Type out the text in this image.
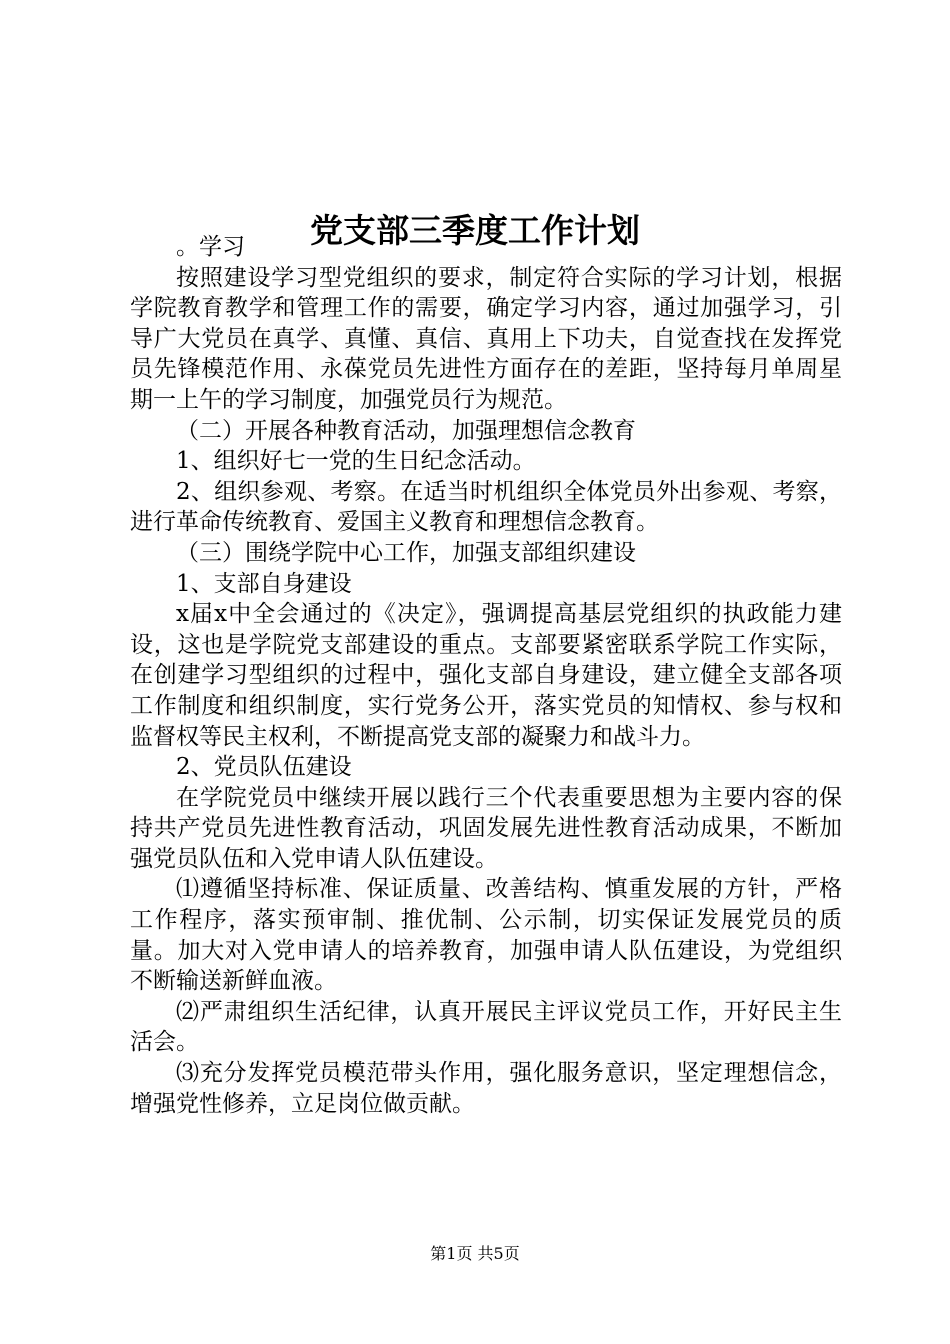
党支部三季度工作计划

。学习

按照建设学习型党组织的要求，制定符合实际的学习计划，根据学院教育教学和管理工作的需要，确定学习内容，通过加强学习，引导广大党员在真学、真懂、真信、真用上下功夫，自觉查找在发挥党员先锋模范作用、永葆党员先进性方面存在的差距，坚持每月单周星期一上午的学习制度，加强党员行为规范。

（二）开展各种教育活动，加强理想信念教育

1、组织好七一党的生日纪念活动。

2、组织参观、考察。在适当时机组织全体党员外出参观、考察，进行革命传统教育、爱国主义教育和理想信念教育。

（三）围绕学院中心工作，加强支部组织建设

1、支部自身建设

x届x中全会通过的《决定》，强调提高基层党组织的执政能力建设，这也是学院党支部建设的重点。支部要紧密联系学院工作实际，在创建学习型组织的过程中，强化支部自身建设，建立健全支部各项工作制度和组织制度，实行党务公开，落实党员的知情权、参与权和监督权等民主权利，不断提高党支部的凝聚力和战斗力。

2、党员队伍建设

在学院党员中继续开展以践行三个代表重要思想为主要内容的保持共产党员先进性教育活动，巩固发展先进性教育活动成果，不断加强党员队伍和入党申请人队伍建设。

⑴遵循坚持标准、保证质量、改善结构、慎重发展的方针，严格工作程序，落实预审制、推优制、公示制，切实保证发展党员的质量。加大对入党申请人的培养教育，加强申请人队伍建设，为党组织不断输送新鲜血液。

⑵严肃组织生活纪律，认真开展民主评议党员工作，开好民主生活会。

⑶充分发挥党员模范带头作用，强化服务意识，坚定理想信念，增强党性修养，立足岗位做贡献。

第1页 共5页
